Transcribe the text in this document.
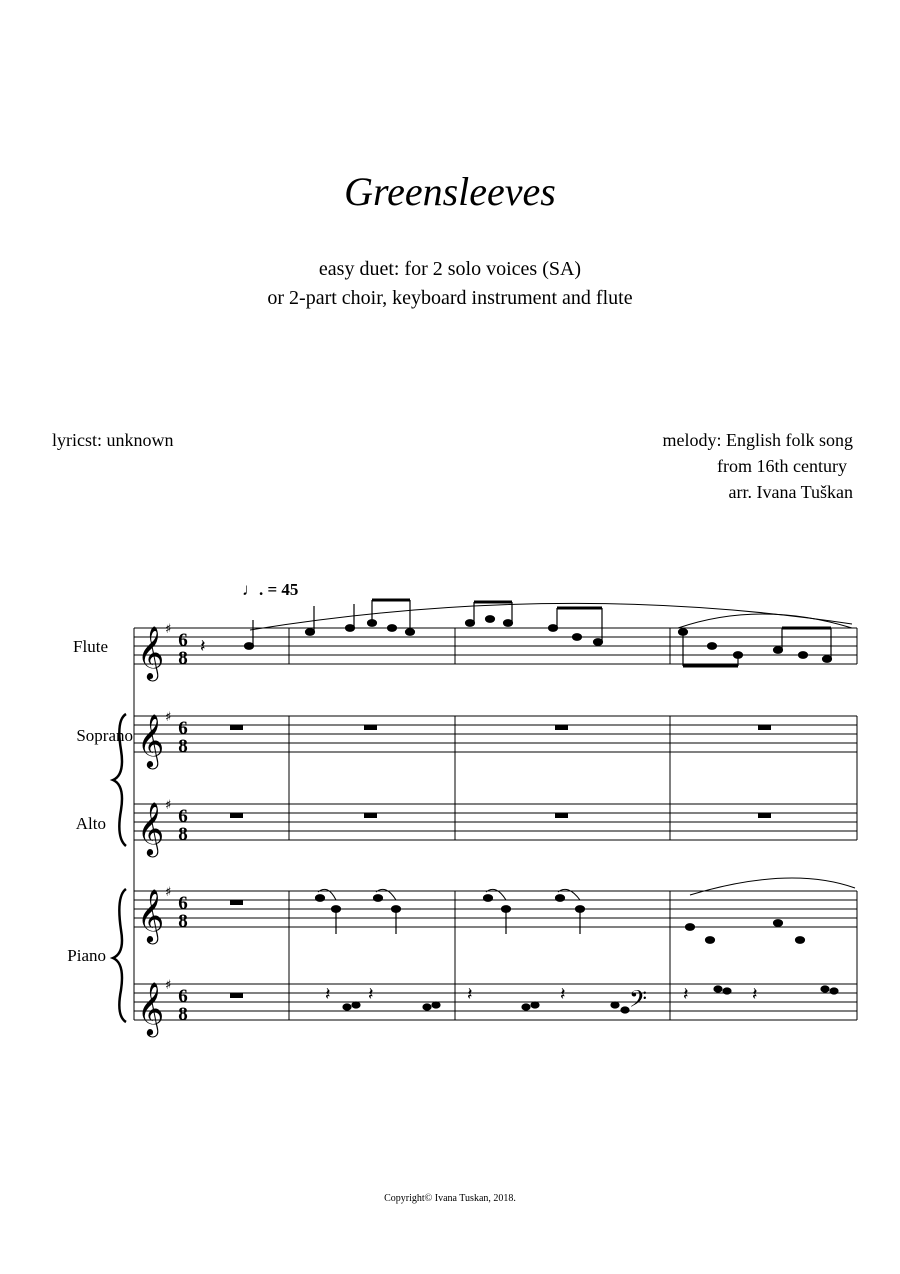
Greensleeves
easy duet: for 2 solo voices (SA)
or 2-part choir, keyboard instrument and flute
lyricst: unknown	melody: English folk song
from 16th century
arr. Ivana Tuškan
♩. = 45
Flute
Soprano
Alto
Piano
𝄞
𝄞
𝄞
𝄞
𝄞	𝄢
♯
♯
♯
♯
♯
6
8
6
8
6
8
6
8
6
8
𝄽
𝄽 𝄽	𝄽	𝄽	𝄽	𝄽
Copyright© Ivana Tuskan, 2018.
